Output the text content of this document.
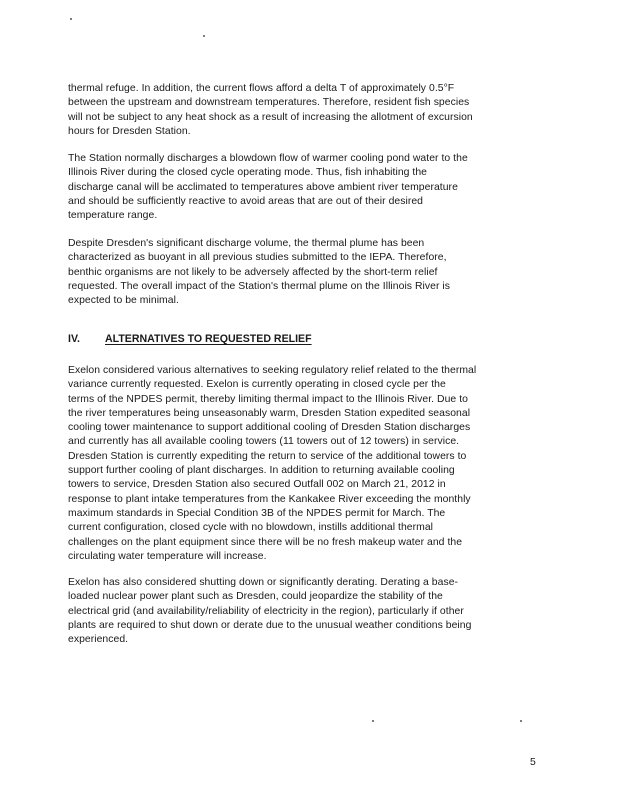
thermal refuge. In addition, the current flows afford a delta T of approximately 0.5°F
between the upstream and downstream temperatures. Therefore, resident fish species
will not be subject to any heat shock as a result of increasing the allotment of excursion
hours for Dresden Station.

The Station normally discharges a blowdown flow of warmer cooling pond water to the
Illinois River during the closed cycle operating mode. Thus, fish inhabiting the
discharge canal will be acclimated to temperatures above ambient river temperature
and should be sufficiently reactive to avoid areas that are out of their desired
temperature range.

Despite Dresden's significant discharge volume, the thermal plume has been
characterized as buoyant in all previous studies submitted to the IEPA. Therefore,
benthic organisms are not likely to be adversely affected by the short-term relief
requested. The overall impact of the Station's thermal plume on the Illinois River is
expected to be minimal.

IV. ALTERNATIVES TO REQUESTED RELIEF

Exelon considered various alternatives to seeking regulatory relief related to the thermal
variance currently requested. Exelon is currently operating in closed cycle per the
terms of the NPDES permit, thereby limiting thermal impact to the Illinois River. Due to
the river temperatures being unseasonably warm, Dresden Station expedited seasonal
cooling tower maintenance to support additional cooling of Dresden Station discharges
and currently has all available cooling towers (11 towers out of 12 towers) in service.
Dresden Station is currently expediting the return to service of the additional towers to
support further cooling of plant discharges. In addition to returning available cooling
towers to service, Dresden Station also secured Outfall 002 on March 21, 2012 in
response to plant intake temperatures from the Kankakee River exceeding the monthly
maximum standards in Special Condition 3B of the NPDES permit for March. The
current configuration, closed cycle with no blowdown, instills additional thermal
challenges on the plant equipment since there will be no fresh makeup water and the
circulating water temperature will increase.

Exelon has also considered shutting down or significantly derating. Derating a base-
loaded nuclear power plant such as Dresden, could jeopardize the stability of the
electrical grid (and availability/reliability of electricity in the region), particularly if other
plants are required to shut down or derate due to the unusual weather conditions being
experienced.

5
